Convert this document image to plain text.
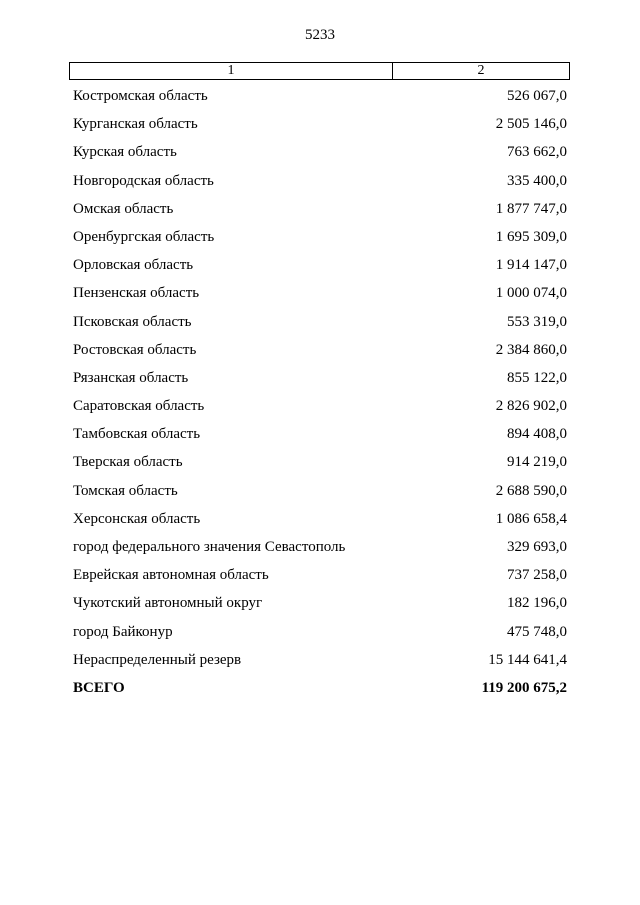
5233
1	2
Костромская область	526 067,0
Курганская область	2 505 146,0
Курская область	763 662,0
Новгородская область	335 400,0
Омская область	1 877 747,0
Оренбургская область	1 695 309,0
Орловская область	1 914 147,0
Пензенская область	1 000 074,0
Псковская область	553 319,0
Ростовская область	2 384 860,0
Рязанская область	855 122,0
Саратовская область	2 826 902,0
Тамбовская область	894 408,0
Тверская область	914 219,0
Томская область	2 688 590,0
Херсонская область	1 086 658,4
город федерального значения Севастополь	329 693,0
Еврейская автономная область	737 258,0
Чукотский автономный округ	182 196,0
город Байконур	475 748,0
Нераспределенный резерв	15 144 641,4
ВСЕГО	119 200 675,2
